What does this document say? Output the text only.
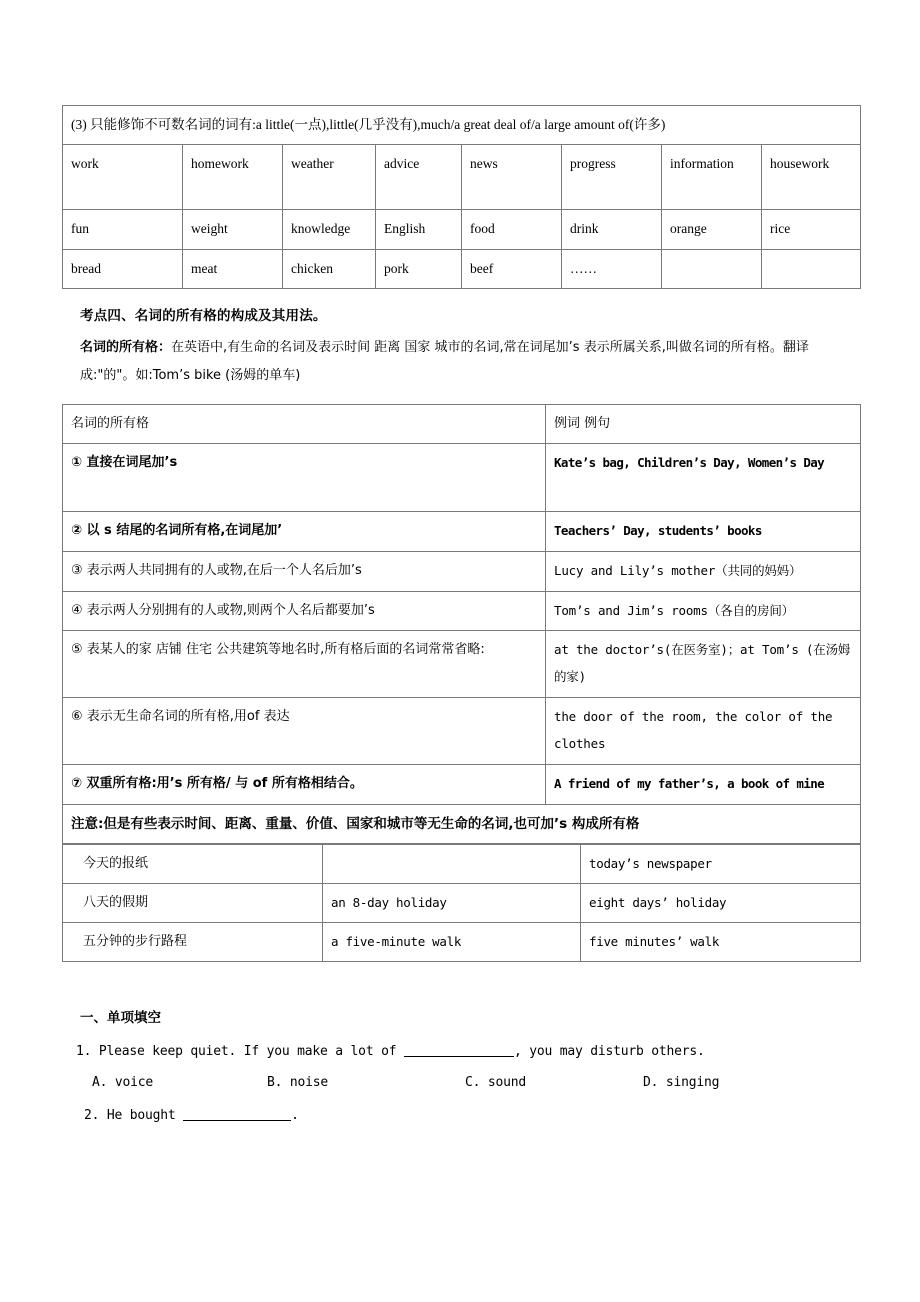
(3) 只能修饰不可数名词的词有:a little(一点),little(几乎没有),much/a great deal of/a large amount of(许多)							
work	homework	weather	advice	news	progress	information	housework
fun	weight	knowledge	English	food	drink	orange	rice
bread	meat	chicken	pork	beef	……		
考点四、名词的所有格的构成及其用法。
名词的所有格：在英语中,有生命的名词及表示时间 距离 国家 城市的名词,常在词尾加’s 表示所属关系,叫做名词的所有格。翻译成:"的"。如:Tom’s bike (汤姆的单车)
名词的所有格	例词 例句
① 直接在词尾加’s	Kate’s bag, Children’s Day, Women’s Day
② 以 s 结尾的名词所有格,在词尾加’	Teachers’ Day, students’ books
③ 表示两人共同拥有的人或物,在后一个人名后加’s	Lucy and Lily’s mother（共同的妈妈）
④ 表示两人分别拥有的人或物,则两个人名后都要加’s	Tom’s and Jim’s rooms（各自的房间）
⑤ 表某人的家 店铺 住宅 公共建筑等地名时,所有格后面的名词常常省略:	at the doctor’s(在医务室)；at Tom’s (在汤姆的家)
⑥ 表示无生命名词的所有格,用of 表达	the door of the room, the color of the clothes
⑦ 双重所有格:用’s 所有格/ 与 of 所有格相结合。	A friend of my father’s, a book of mine
注意:但是有些表示时间、距离、重量、价值、国家和城市等无生命的名词,也可加’s 构成所有格	
今天的报纸		today’s newspaper
八天的假期	an 8-day holiday	eight days’ holiday
五分钟的步行路程	a five-minute walk	five minutes’ walk
一、单项填空
1. Please keep quiet. If you make a lot of	, you may disturb others.
A. voice	B. noise	C. sound	D. singing
2. He bought	.
